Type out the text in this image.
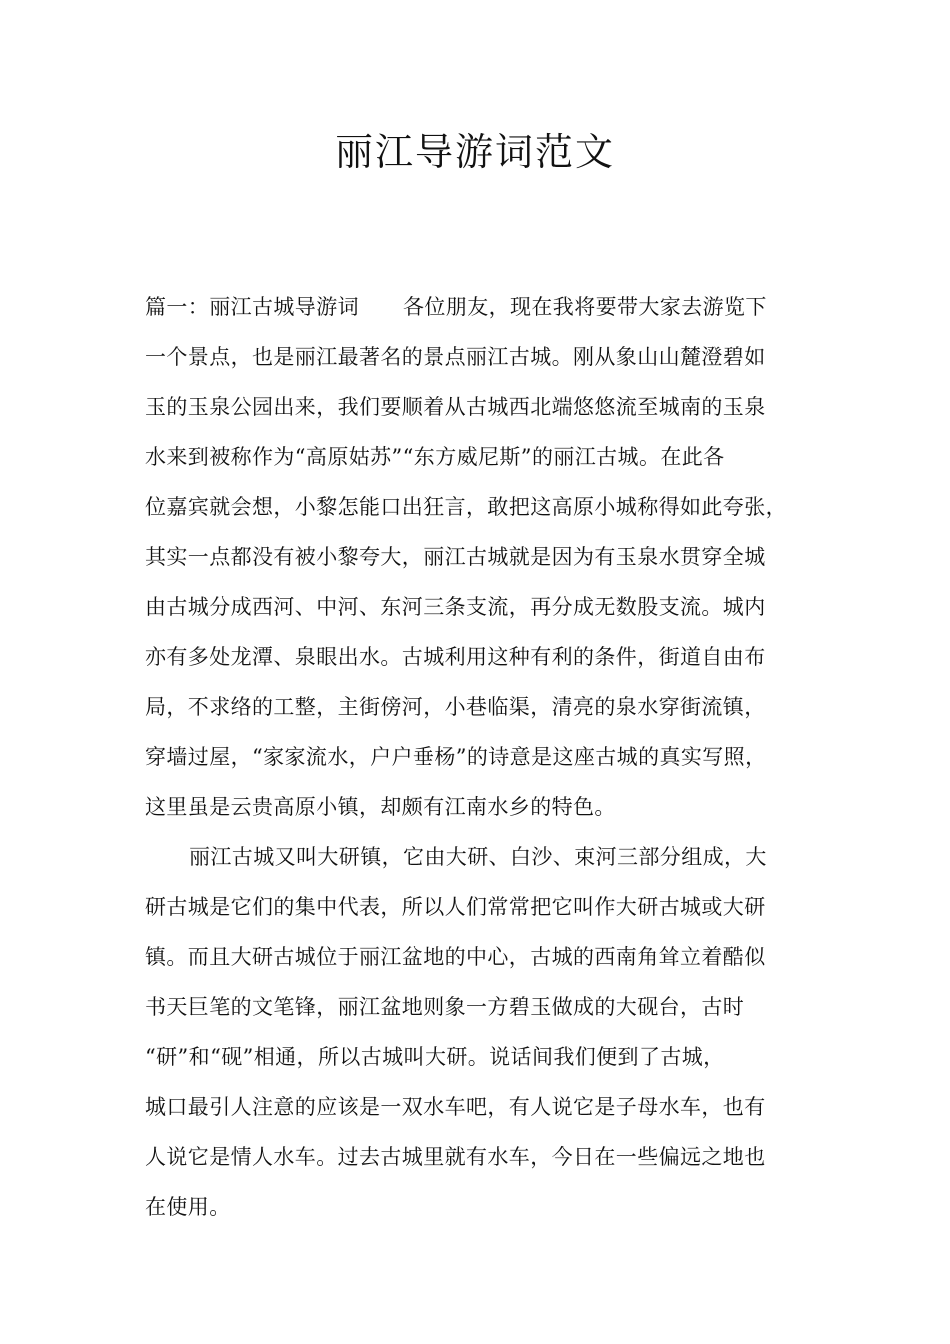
丽江导游词范文
篇一：丽江古城导游词 各位朋友，现在我将要带大家去游览下
一个景点，也是丽江最著名的景点丽江古城。刚从象山山麓澄碧如
玉的玉泉公园出来，我们要顺着从古城西北端悠悠流至城南的玉泉
水来到被称作为“高原姑苏”“东方威尼斯”的丽江古城。在此各
位嘉宾就会想，小黎怎能口出狂言，敢把这高原小城称得如此夸张，
其实一点都没有被小黎夸大，丽江古城就是因为有玉泉水贯穿全城
由古城分成西河、中河、东河三条支流，再分成无数股支流。城内
亦有多处龙潭、泉眼出水。古城利用这种有利的条件，街道自由布
局，不求络的工整，主街傍河，小巷临渠，清亮的泉水穿街流镇，
穿墙过屋，“家家流水，户户垂杨”的诗意是这座古城的真实写照，
这里虽是云贵高原小镇，却颇有江南水乡的特色。
丽江古城又叫大研镇，它由大研、白沙、束河三部分组成，大
研古城是它们的集中代表，所以人们常常把它叫作大研古城或大研
镇。而且大研古城位于丽江盆地的中心，古城的西南角耸立着酷似
书天巨笔的文笔锋，丽江盆地则象一方碧玉做成的大砚台，古时
“研”和“砚”相通，所以古城叫大研。说话间我们便到了古城，
城口最引人注意的应该是一双水车吧，有人说它是子母水车，也有
人说它是情人水车。过去古城里就有水车，今日在一些偏远之地也
在使用。
